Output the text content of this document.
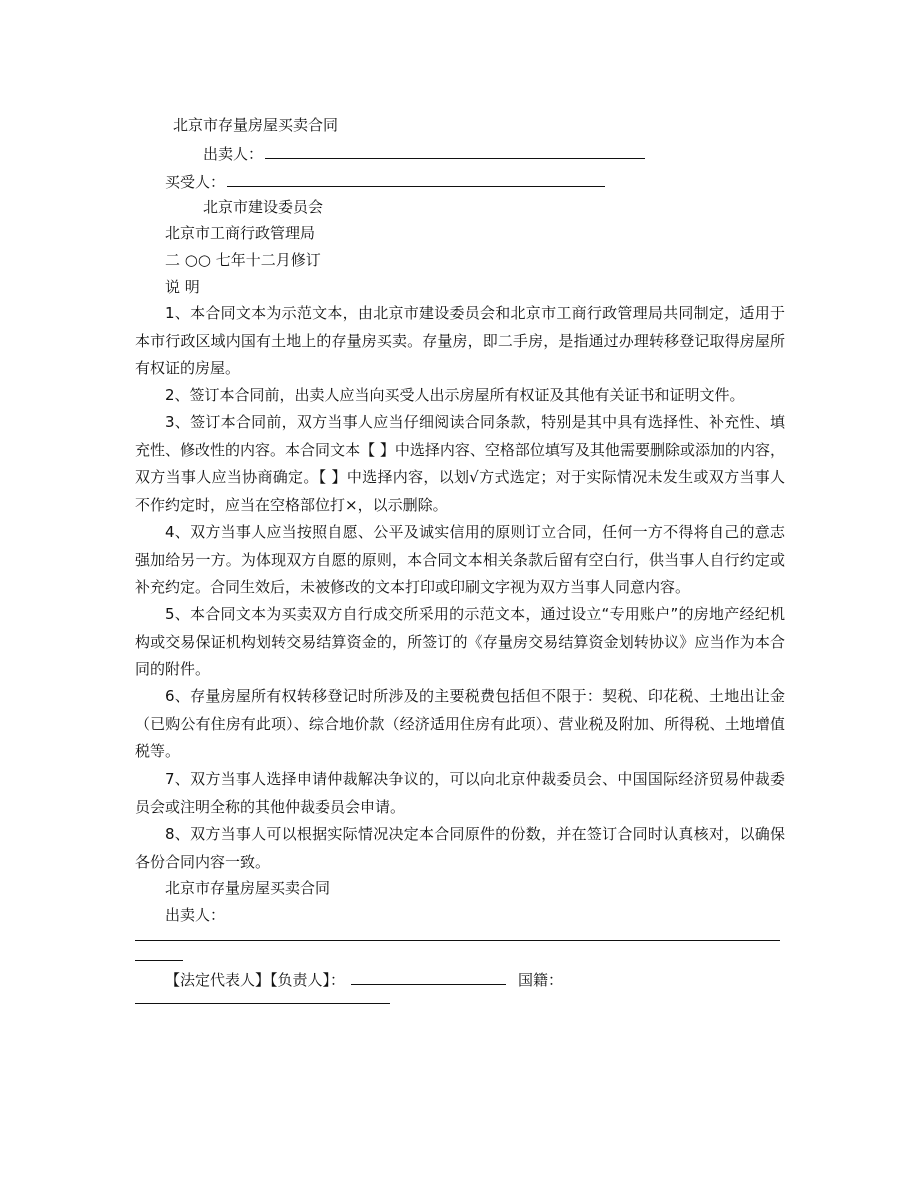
北京市存量房屋买卖合同
出卖人：
买受人：
北京市建设委员会
北京市工商行政管理局
二 ○○ 七年十二月修订
说 明
1、本合同文本为示范文本，由北京市建设委员会和北京市工商行政管理局共同制定，适用于本市行政区域内国有土地上的存量房买卖。存量房，即二手房，是指通过办理转移登记取得房屋所有权证的房屋。
2、签订本合同前，出卖人应当向买受人出示房屋所有权证及其他有关证书和证明文件。
3、签订本合同前，双方当事人应当仔细阅读合同条款，特别是其中具有选择性、补充性、填充性、修改性的内容。本合同文本【 】中选择内容、空格部位填写及其他需要删除或添加的内容，双方当事人应当协商确定。【 】中选择内容，以划√方式选定；对于实际情况未发生或双方当事人不作约定时，应当在空格部位打×，以示删除。
4、双方当事人应当按照自愿、公平及诚实信用的原则订立合同，任何一方不得将自己的意志强加给另一方。为体现双方自愿的原则，本合同文本相关条款后留有空白行，供当事人自行约定或补充约定。合同生效后，未被修改的文本打印或印刷文字视为双方当事人同意内容。
5、本合同文本为买卖双方自行成交所采用的示范文本，通过设立“专用账户”的房地产经纪机构或交易保证机构划转交易结算资金的，所签订的《存量房交易结算资金划转协议》应当作为本合同的附件。
6、存量房屋所有权转移登记时所涉及的主要税费包括但不限于：契税、印花税、土地出让金（已购公有住房有此项）、综合地价款（经济适用住房有此项）、营业税及附加、所得税、土地增值税等。
7、双方当事人选择申请仲裁解决争议的，可以向北京仲裁委员会、中国国际经济贸易仲裁委员会或注明全称的其他仲裁委员会申请。
8、双方当事人可以根据实际情况决定本合同原件的份数，并在签订合同时认真核对，以确保各份合同内容一致。
北京市存量房屋买卖合同
出卖人：
【法定代表人】【负责人】：	国籍：
